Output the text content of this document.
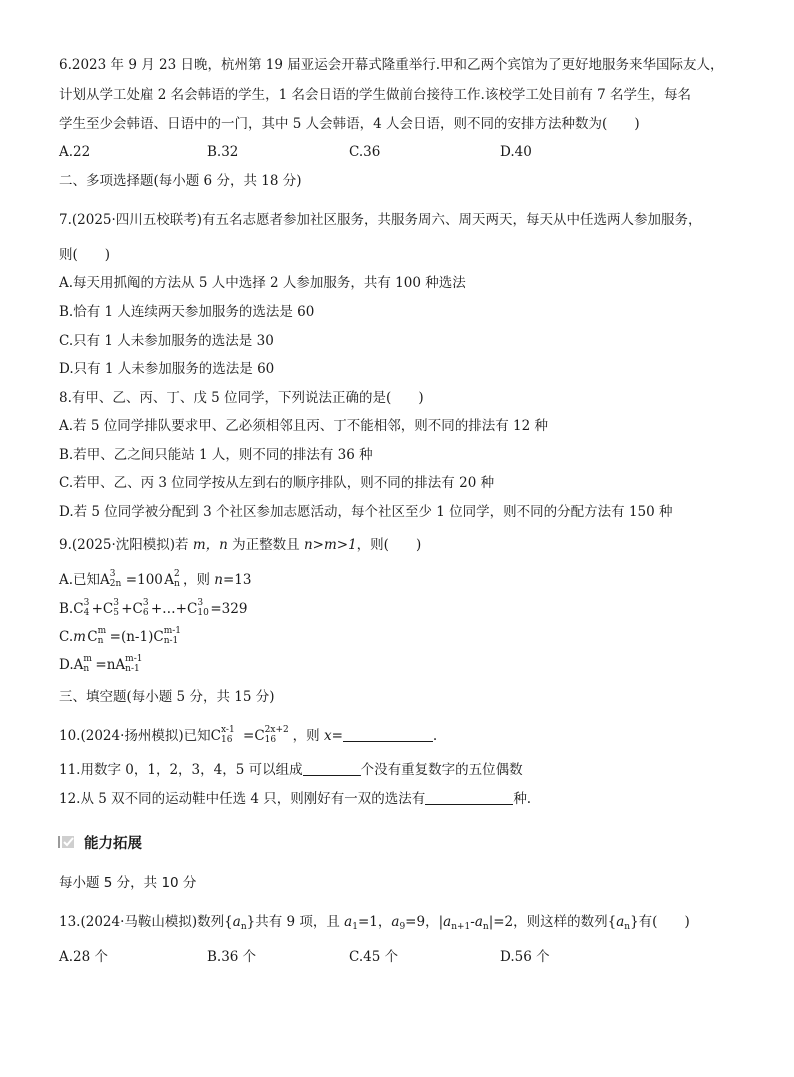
6.2023 年 9 月 23 日晚，杭州第 19 届亚运会开幕式隆重举行.甲和乙两个宾馆为了更好地服务来华国际友人，
计划从学工处雇 2 名会韩语的学生，1 名会日语的学生做前台接待工作.该校学工处目前有 7 名学生，每名
学生至少会韩语、日语中的一门，其中 5 人会韩语，4 人会日语，则不同的安排方法种数为(　　)
A.22	B.32	C.36	D.40
二、多项选择题(每小题 6 分，共 18 分)
7.(2025·四川五校联考)有五名志愿者参加社区服务，共服务周六、周天两天，每天从中任选两人参加服务，
则(　　)
A.每天用抓阄的方法从 5 人中选择 2 人参加服务，共有 100 种选法
B.恰有 1 人连续两天参加服务的选法是 60
C.只有 1 人未参加服务的选法是 30
D.只有 1 人未参加服务的选法是 60
8.有甲、乙、丙、丁、戊 5 位同学，下列说法正确的是(　　)
A.若 5 位同学排队要求甲、乙必须相邻且丙、丁不能相邻，则不同的排法有 12 种
B.若甲、乙之间只能站 1 人，则不同的排法有 36 种
C.若甲、乙、丙 3 位同学按从左到右的顺序排队，则不同的排法有 20 种
D.若 5 位同学被分配到 3 个社区参加志愿活动，每个社区至少 1 位同学，则不同的分配方法有 150 种
9.(2025·沈阳模拟)若 m，n 为正整数且 n>m>1，则(　　)
A.已知A 3
2n =100 A 2
n ，则 n=13
B.C 3
4 +C 3
5 +C 3
6 +…+C 3
10 =329
C.m C m
n =(n-1)C m-1
n-1
D.A m
n =nA m-1
n-1
三、填空题(每小题 5 分，共 15 分)
10.(2024·扬州模拟)已知C x-1
16 =C 2x+2
16 ，则 x=	.
11.用数字 0，1，2，3，4，5 可以组成	个没有重复数字的五位偶数
12.从 5 双不同的运动鞋中任选 4 只，则刚好有一双的选法有	种.
能力拓展
每小题 5 分，共 10 分
13.(2024·马鞍山模拟)数列$\{a_n\}$共有 9 项，且 $a_1=1$，$a_9=9$，$|a_{n+1}-a_n|=2$，则这样的数列$\{a_n\}$有(　　)
A.28 个	B.36 个	C.45 个	D.56 个
